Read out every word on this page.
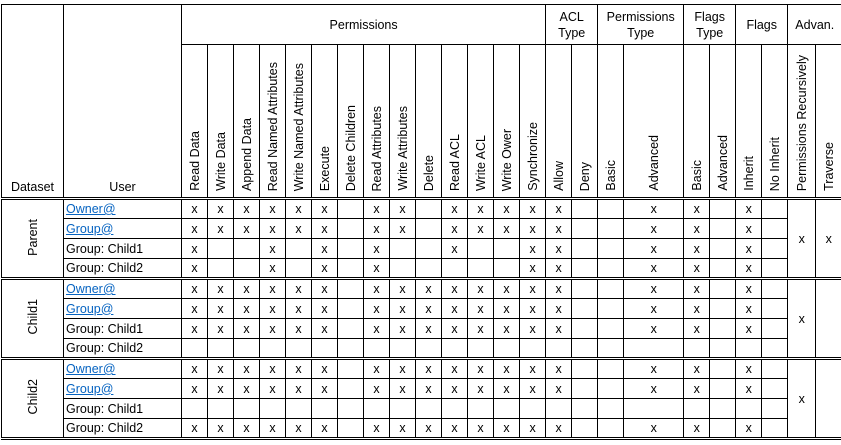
Dataset	User	Permissions														ACL Type		Permissions Type		Flags Type		Flags		Advan.	
		Read Data	Write Data	Append Data	Read Named Attributes	Write Named Attributes	Execute	Delete Children	Read Attributes	Write Attributes	Delete	Read ACL	Write ACL	Write Ower	Synchronize	Allow	Deny	Basic	Advanced	Basic	Advanced	Inherit	No Inherit	Permissions Recursively	Traverse
Parent	Owner@	x	x	x	x	x	x		x	x		x	x	x	x	x			x	x		x		x	x
	Group@	x	x	x	x	x	x		x	x		x	x	x	x	x			x	x		x			
	Group: Child1	x			x		x		x			x			x	x			x	x		x			
	Group: Child2	x			x		x		x						x	x			x	x		x			
Child1	Owner@	x	x	x	x	x	x		x	x	x	x	x	x	x	x			x	x		x		x	
	Group@	x	x	x	x	x	x		x	x	x	x	x	x	x	x			x	x		x			
	Group: Child1	x	x	x	x	x	x		x	x	x	x	x	x	x	x			x	x		x			
	Group: Child2																								
Child2	Owner@	x	x	x	x	x	x		x	x	x	x	x	x	x	x			x	x		x		x	
	Group@	x	x	x	x	x	x		x	x	x	x	x	x	x	x			x	x		x			
	Group: Child1																								
	Group: Child2	x	x	x	x	x	x		x	x	x	x	x	x	x	x			x	x		x			
